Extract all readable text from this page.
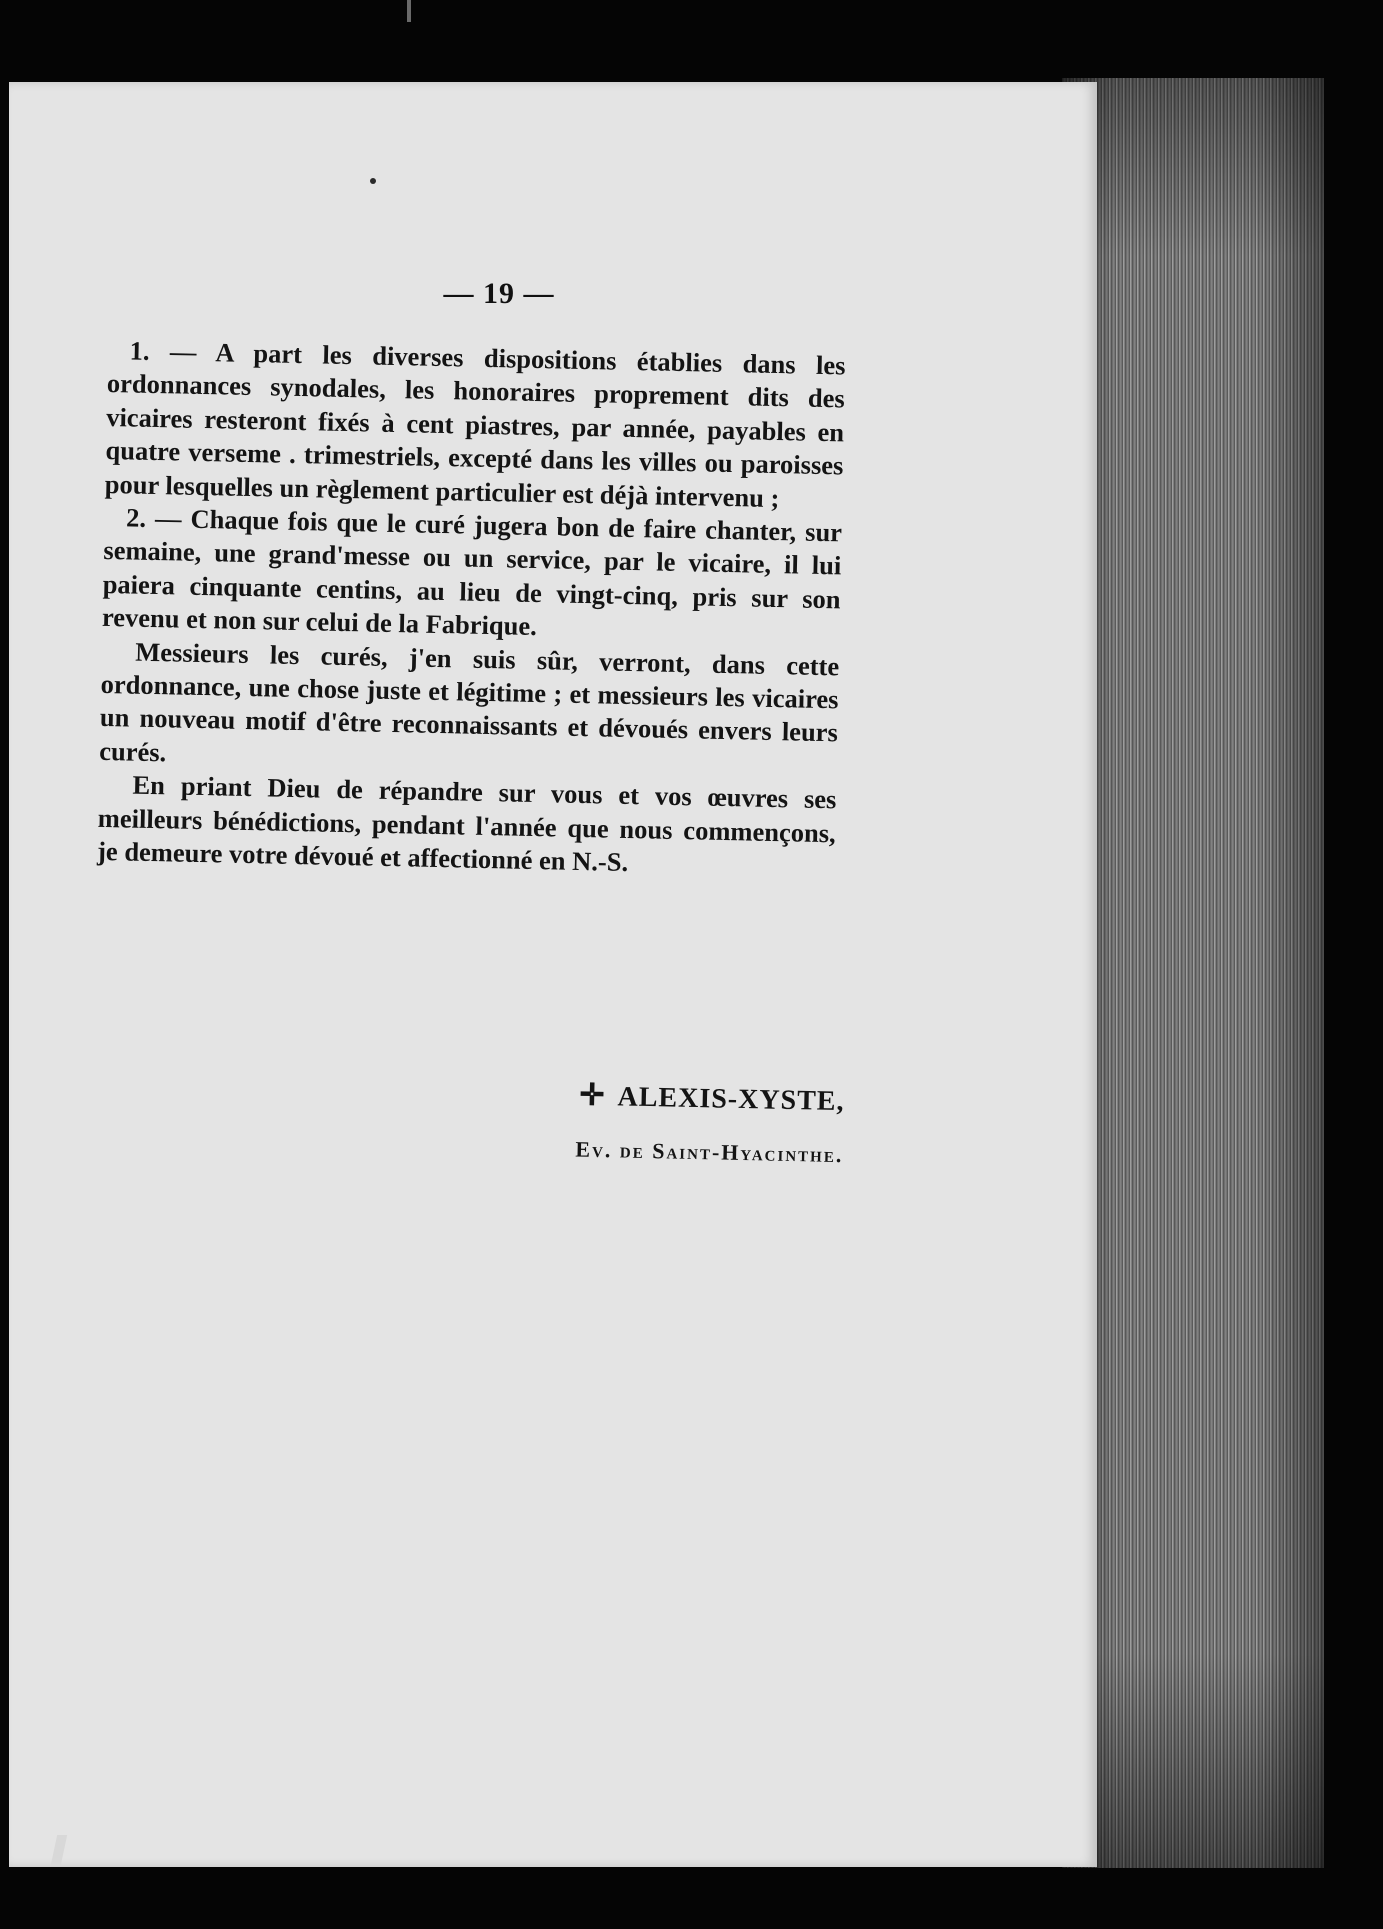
— 19 —

1. — A part les diverses dispositions établies dans les ordonnances synodales, les honoraires proprement dits des vicaires resteront fixés à cent piastres, par année, payables en quatre verseme . trimestriels, excepté dans les villes ou paroisses pour lesquelles un règlement particulier est déjà intervenu ;

2. — Chaque fois que le curé jugera bon de faire chanter, sur semaine, une grand'messe ou un service, par le vicaire, il lui paiera cinquante centins, au lieu de vingt-cinq, pris sur son revenu et non sur celui de la Fabrique.

Messieurs les curés, j'en suis sûr, verront, dans cette ordonnance, une chose juste et légitime ; et messieurs les vicaires un nouveau motif d'être reconnaissants et dévoués envers leurs curés.

En priant Dieu de répandre sur vous et vos œuvres ses meilleurs bénédictions, pendant l'année que nous commençons, je demeure votre dévoué et affectionné en N.-S.

✛ ALEXIS-XYSTE,
Ev. de Saint-Hyacinthe.
